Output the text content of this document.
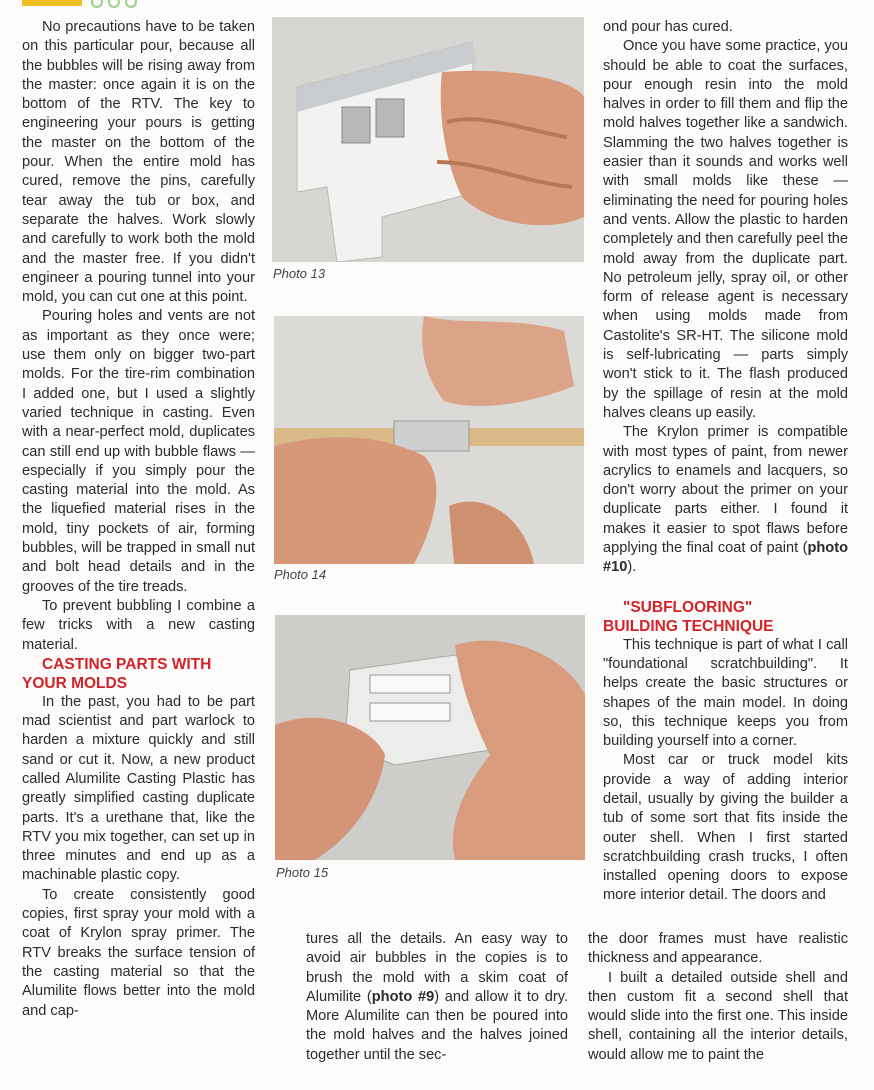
No precautions have to be taken on this particular pour, because all the bubbles will be rising away from the master: once again it is on the bottom of the RTV. The key to engineering your pours is getting the master on the bottom of the pour. When the entire mold has cured, remove the pins, carefully tear away the tub or box, and separate the halves. Work slowly and carefully to work both the mold and the master free. If you didn't engineer a pouring tunnel into your mold, you can cut one at this point.

Pouring holes and vents are not as important as they once were; use them only on bigger two-part molds. For the tire-rim combination I added one, but I used a slightly varied technique in casting. Even with a near-perfect mold, duplicates can still end up with bubble flaws — especially if you simply pour the casting material into the mold. As the liquefied material rises in the mold, tiny pockets of air, forming bubbles, will be trapped in small nut and bolt head details and in the grooves of the tire treads.

To prevent bubbling I combine a few tricks with a new casting material.

CASTING PARTS WITH
YOUR MOLDS

In the past, you had to be part mad scientist and part warlock to harden a mixture quickly and still sand or cut it. Now, a new product called Alumilite Casting Plastic has greatly simplified casting duplicate parts. It's a urethane that, like the RTV you mix together, can set up in three minutes and end up as a machinable plastic copy.

To create consistently good copies, first spray your mold with a coat of Krylon spray primer. The RTV breaks the surface tension of the casting material so that the Alumilite flows better into the mold and cap-

Photo 13
Photo 14
Photo 15

tures all the details. An easy way to avoid air bubbles in the copies is to brush the mold with a skim coat of Alumilite (photo #9) and allow it to dry. More Alumilite can then be poured into the mold halves and the halves joined together until the sec-

ond pour has cured.

Once you have some practice, you should be able to coat the surfaces, pour enough resin into the mold halves in order to fill them and flip the mold halves together like a sandwich. Slamming the two halves together is easier than it sounds and works well with small molds like these — eliminating the need for pouring holes and vents. Allow the plastic to harden completely and then carefully peel the mold away from the duplicate part. No petroleum jelly, spray oil, or other form of release agent is necessary when using molds made from Castolite's SR-HT. The silicone mold is self-lubricating — parts simply won't stick to it. The flash produced by the spillage of resin at the mold halves cleans up easily.

The Krylon primer is compatible with most types of paint, from newer acrylics to enamels and lacquers, so don't worry about the primer on your duplicate parts either. I found it makes it easier to spot flaws before applying the final coat of paint (photo #10).

"SUBFLOORING"
BUILDING TECHNIQUE

This technique is part of what I call "foundational scratchbuilding". It helps create the basic structures or shapes of the main model. In doing so, this technique keeps you from building yourself into a corner.

Most car or truck model kits provide a way of adding interior detail, usually by giving the builder a tub of some sort that fits inside the outer shell. When I first started scratchbuilding crash trucks, I often installed opening doors to expose more interior detail. The doors and

the door frames must have realistic thickness and appearance.

I built a detailed outside shell and then custom fit a second shell that would slide into the first one. This inside shell, containing all the interior details, would allow me to paint the
